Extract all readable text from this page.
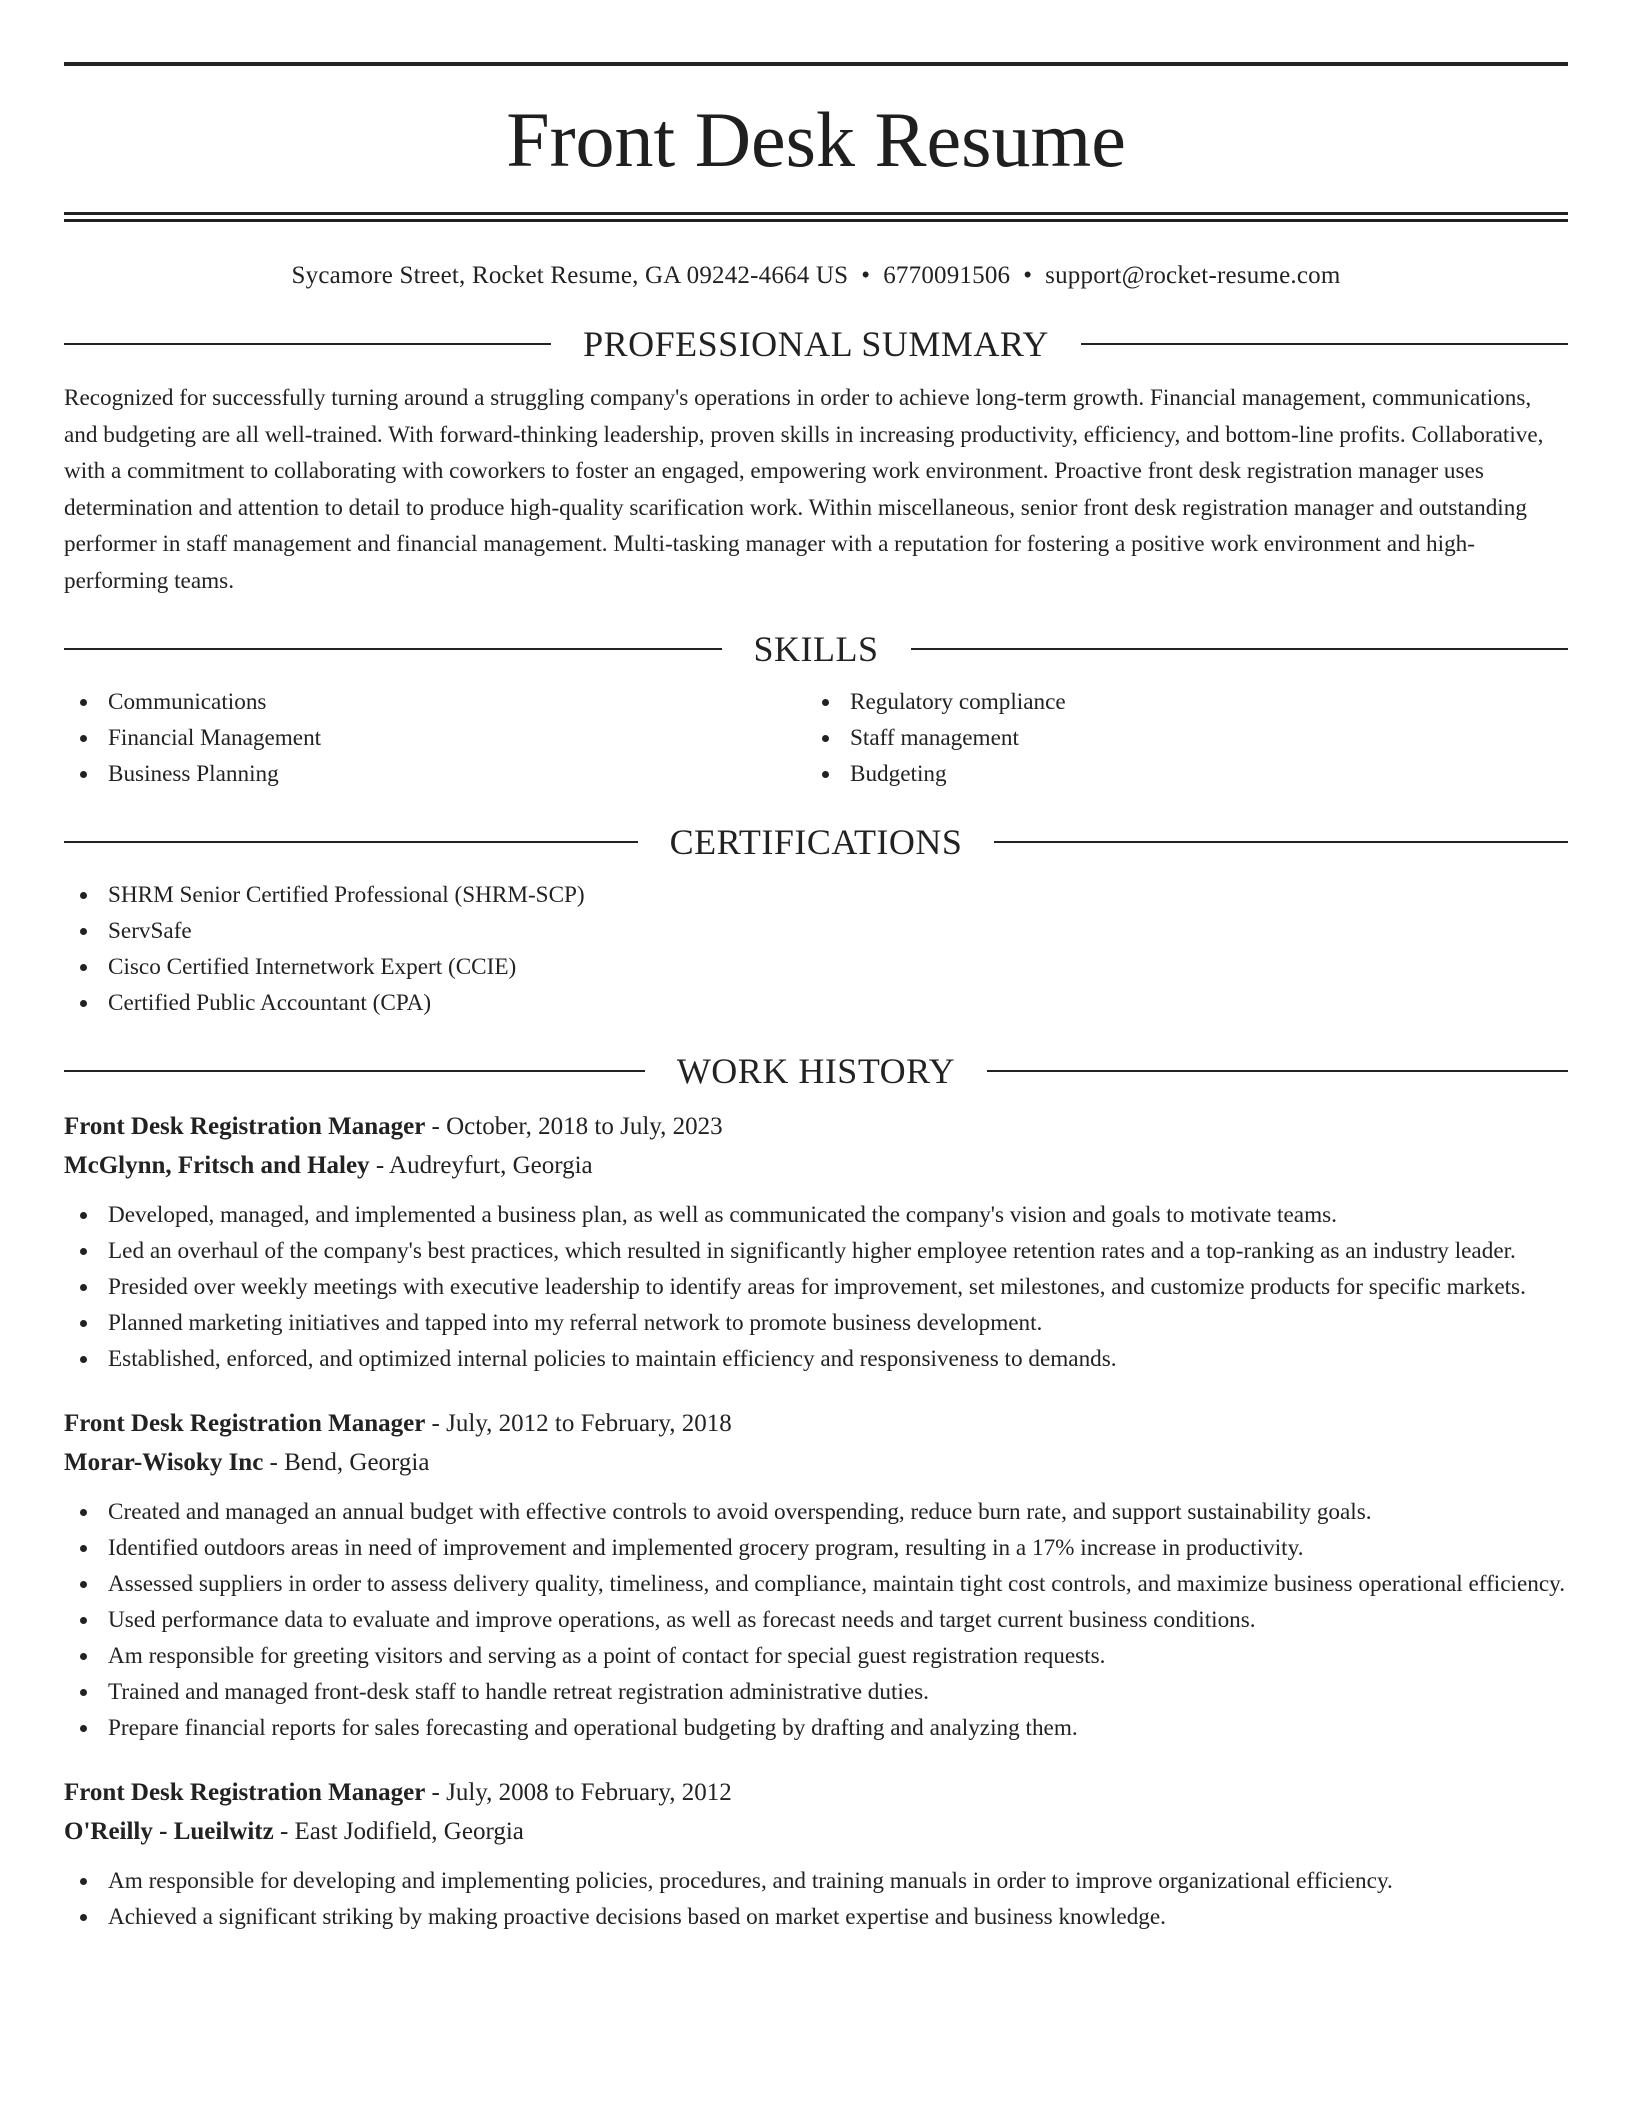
Front Desk Resume
Sycamore Street, Rocket Resume, GA 09242-4664 US • 6770091506 • support@rocket-resume.com
PROFESSIONAL SUMMARY

Recognized for successfully turning around a struggling company's operations in order to achieve long-term growth. Financial management, communications, and budgeting are all well-trained. With forward-thinking leadership, proven skills in increasing productivity, efficiency, and bottom-line profits. Collaborative, with a commitment to collaborating with coworkers to foster an engaged, empowering work environment. Proactive front desk registration manager uses determination and attention to detail to produce high-quality scarification work. Within miscellaneous, senior front desk registration manager and outstanding performer in staff management and financial management. Multi-tasking manager with a reputation for fostering a positive work environment and high-performing teams.

SKILLS
Communications
Financial Management
Business Planning
Regulatory compliance
Staff management
Budgeting
CERTIFICATIONS
SHRM Senior Certified Professional (SHRM-SCP)
ServSafe
Cisco Certified Internetwork Expert (CCIE)
Certified Public Accountant (CPA)
WORK HISTORY
Front Desk Registration Manager - October, 2018 to July, 2023
McGlynn, Fritsch and Haley - Audreyfurt, Georgia
Developed, managed, and implemented a business plan, as well as communicated the company's vision and goals to motivate teams.
Led an overhaul of the company's best practices, which resulted in significantly higher employee retention rates and a top-ranking as an industry leader.
Presided over weekly meetings with executive leadership to identify areas for improvement, set milestones, and customize products for specific markets.
Planned marketing initiatives and tapped into my referral network to promote business development.
Established, enforced, and optimized internal policies to maintain efficiency and responsiveness to demands.
Front Desk Registration Manager - July, 2012 to February, 2018
Morar-Wisoky Inc - Bend, Georgia
Created and managed an annual budget with effective controls to avoid overspending, reduce burn rate, and support sustainability goals.
Identified outdoors areas in need of improvement and implemented grocery program, resulting in a 17% increase in productivity.
Assessed suppliers in order to assess delivery quality, timeliness, and compliance, maintain tight cost controls, and maximize business operational efficiency.
Used performance data to evaluate and improve operations, as well as forecast needs and target current business conditions.
Am responsible for greeting visitors and serving as a point of contact for special guest registration requests.
Trained and managed front-desk staff to handle retreat registration administrative duties.
Prepare financial reports for sales forecasting and operational budgeting by drafting and analyzing them.
Front Desk Registration Manager - July, 2008 to February, 2012
O'Reilly - Lueilwitz - East Jodifield, Georgia
Am responsible for developing and implementing policies, procedures, and training manuals in order to improve organizational efficiency.
Achieved a significant striking by making proactive decisions based on market expertise and business knowledge.
